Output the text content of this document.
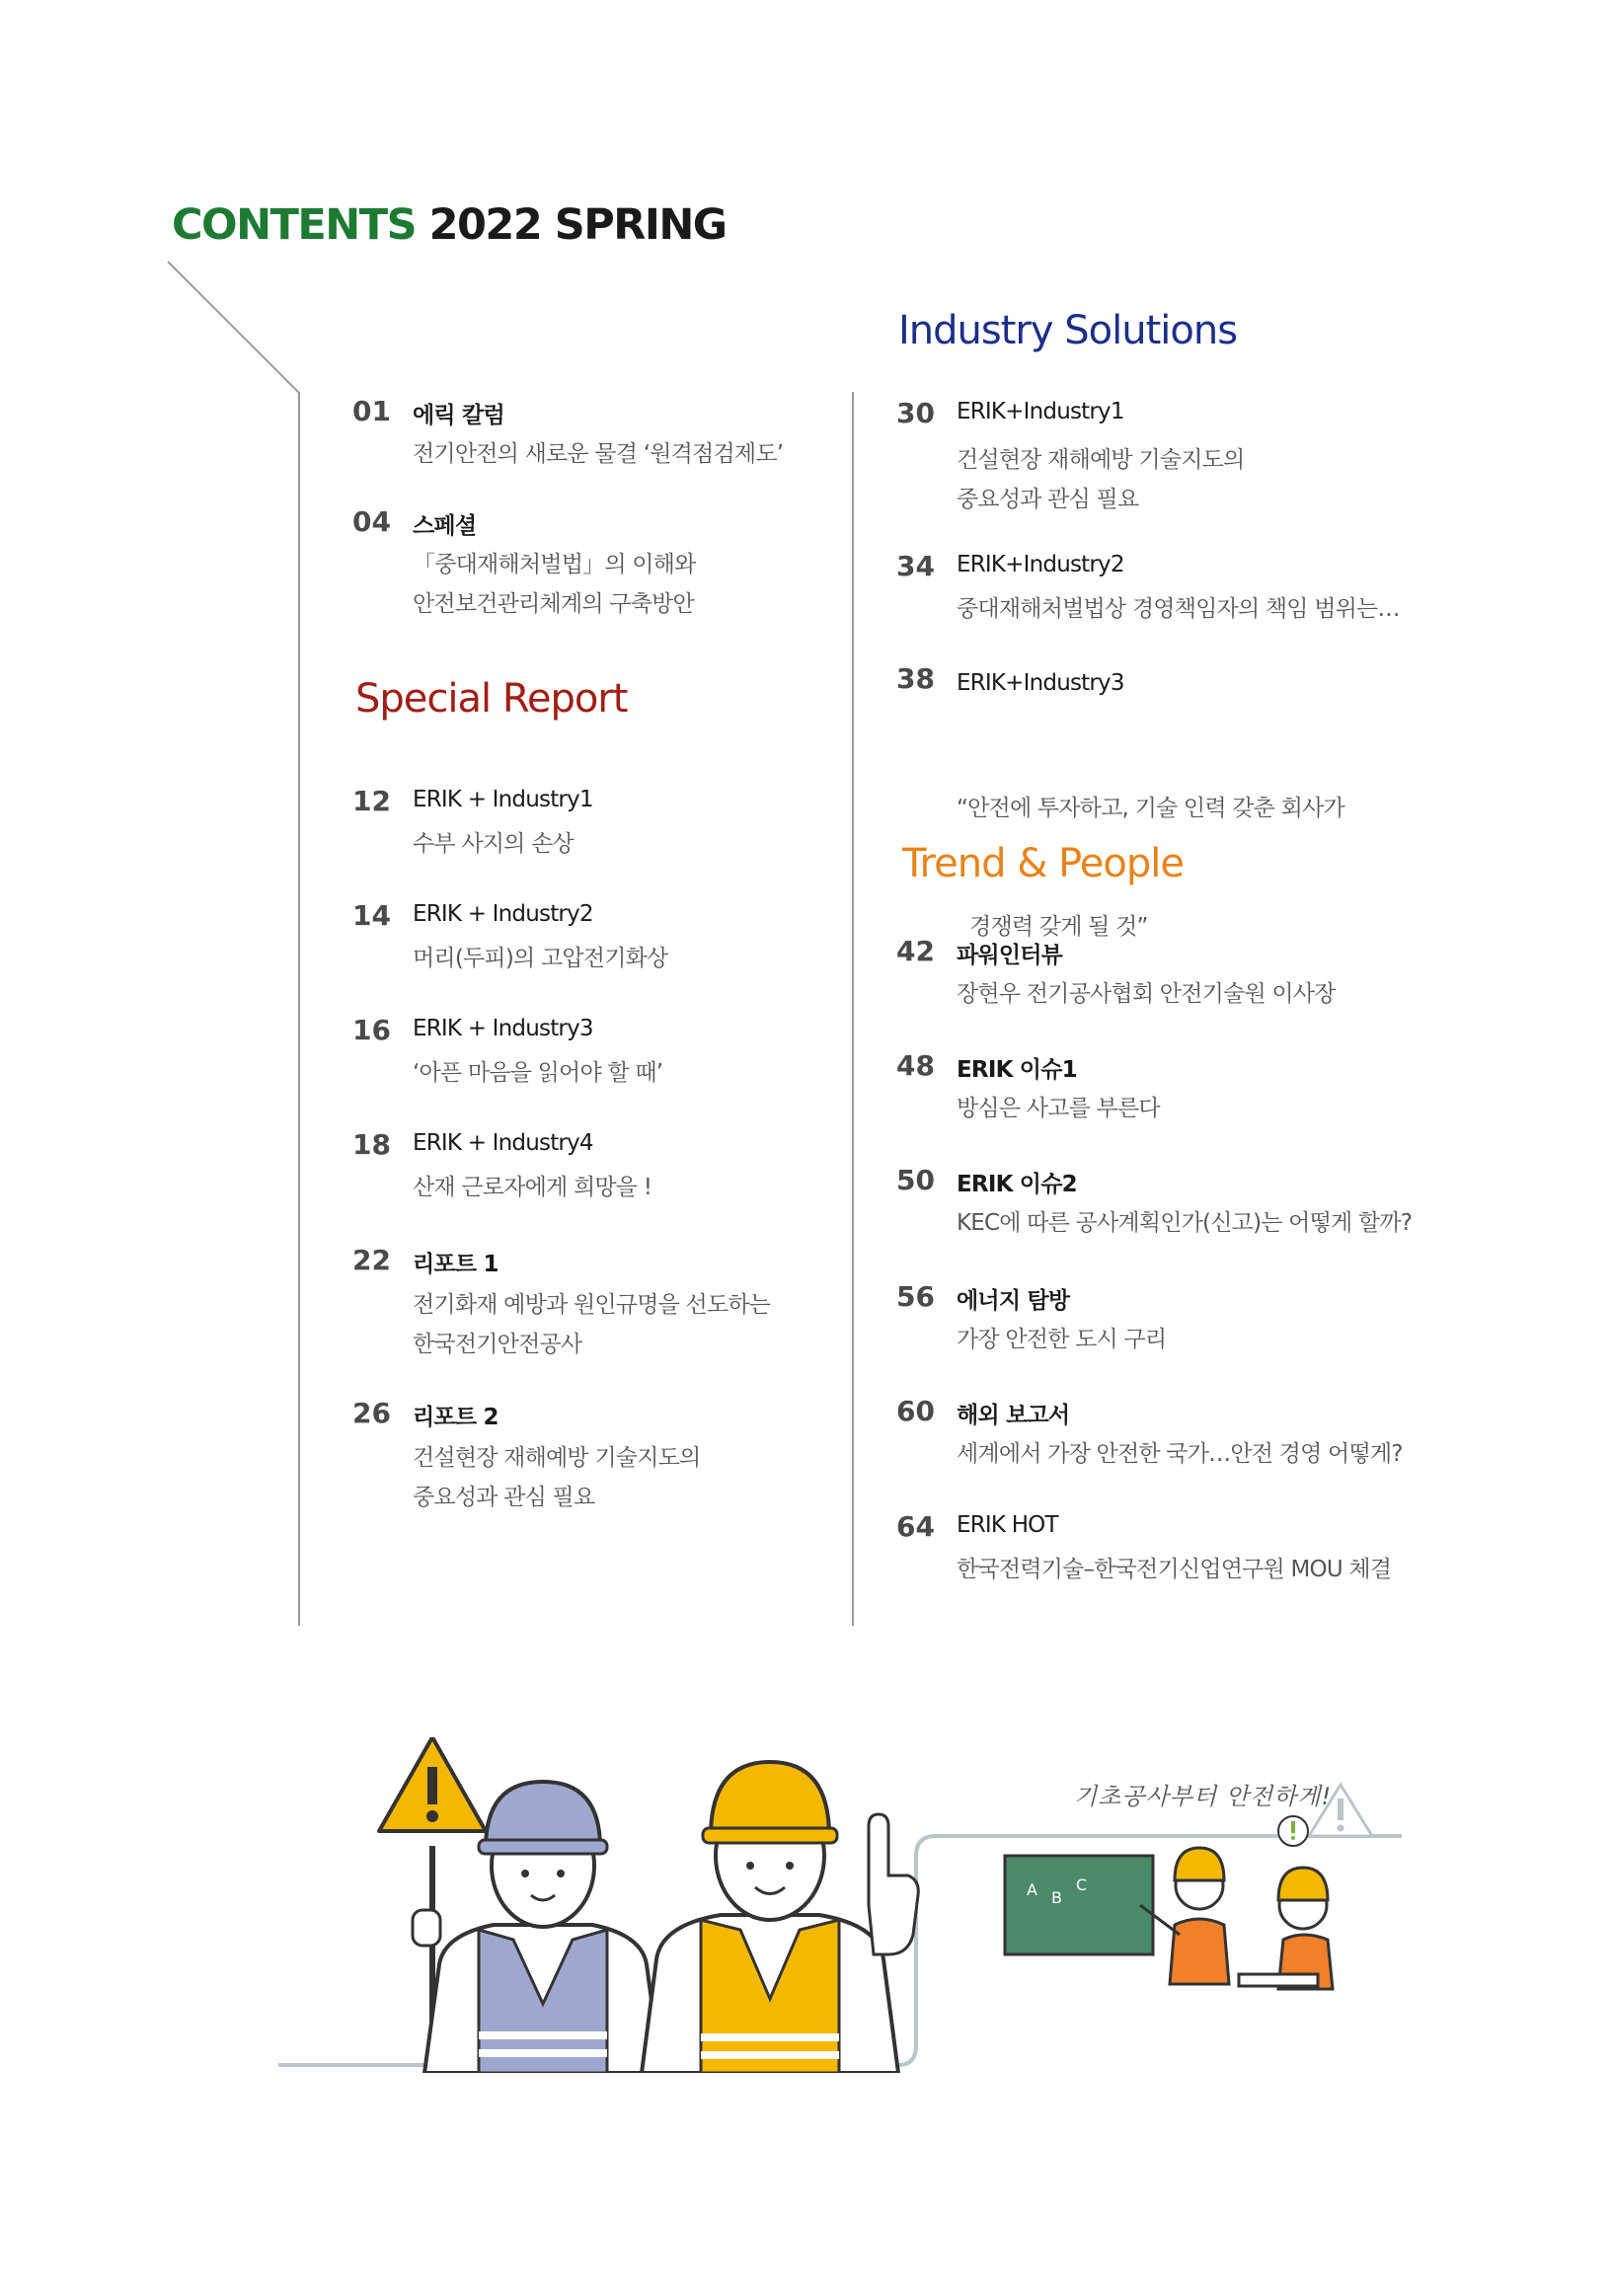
CONTENTS 2022 SPRING
Special Report
Industry Solutions
Trend & People
01 에릭 칼럼
전기안전의 새로운 물결 ‘원격점검제도’
04 스페셜
「중대재해처벌법」의 이해와
안전보건관리체계의 구축방안
12 ERIK + Industry1
수부 사지의 손상
14 ERIK + Industry2
머리(두피)의 고압전기화상
16 ERIK + Industry3
‘아픈 마음을 읽어야 할 때’
18 ERIK + Industry4
산재 근로자에게 희망을 !
22 리포트 1
전기화재 예방과 원인규명을 선도하는
한국전기안전공사
26 리포트 2
건설현장 재해예방 기술지도의
중요성과 관심 필요
30 ERIK+Industry1
건설현장 재해예방 기술지도의
중요성과 관심 필요
34 ERIK+Industry2
중대재해처벌법상 경영책임자의 책임 범위는…
38 ERIK+Industry3

“안전에 투자하고, 기술 인력 갖춘 회사가

경쟁력 갖게 될 것”

42 파워인터뷰
장현우 전기공사협회 안전기술원 이사장
48 ERIK 이슈1
방심은 사고를 부른다
50 ERIK 이슈2
KEC에 따른 공사계획인가(신고)는 어떻게 할까?
56 에너지 탐방
가장 안전한 도시 구리
60 해외 보고서
세계에서 가장 안전한 국가…안전 경영 어떻게?
64 ERIK HOT
한국전력기술–한국전기신업연구원 MOU 체결
기초공사부터 안전하게!
A B
C
